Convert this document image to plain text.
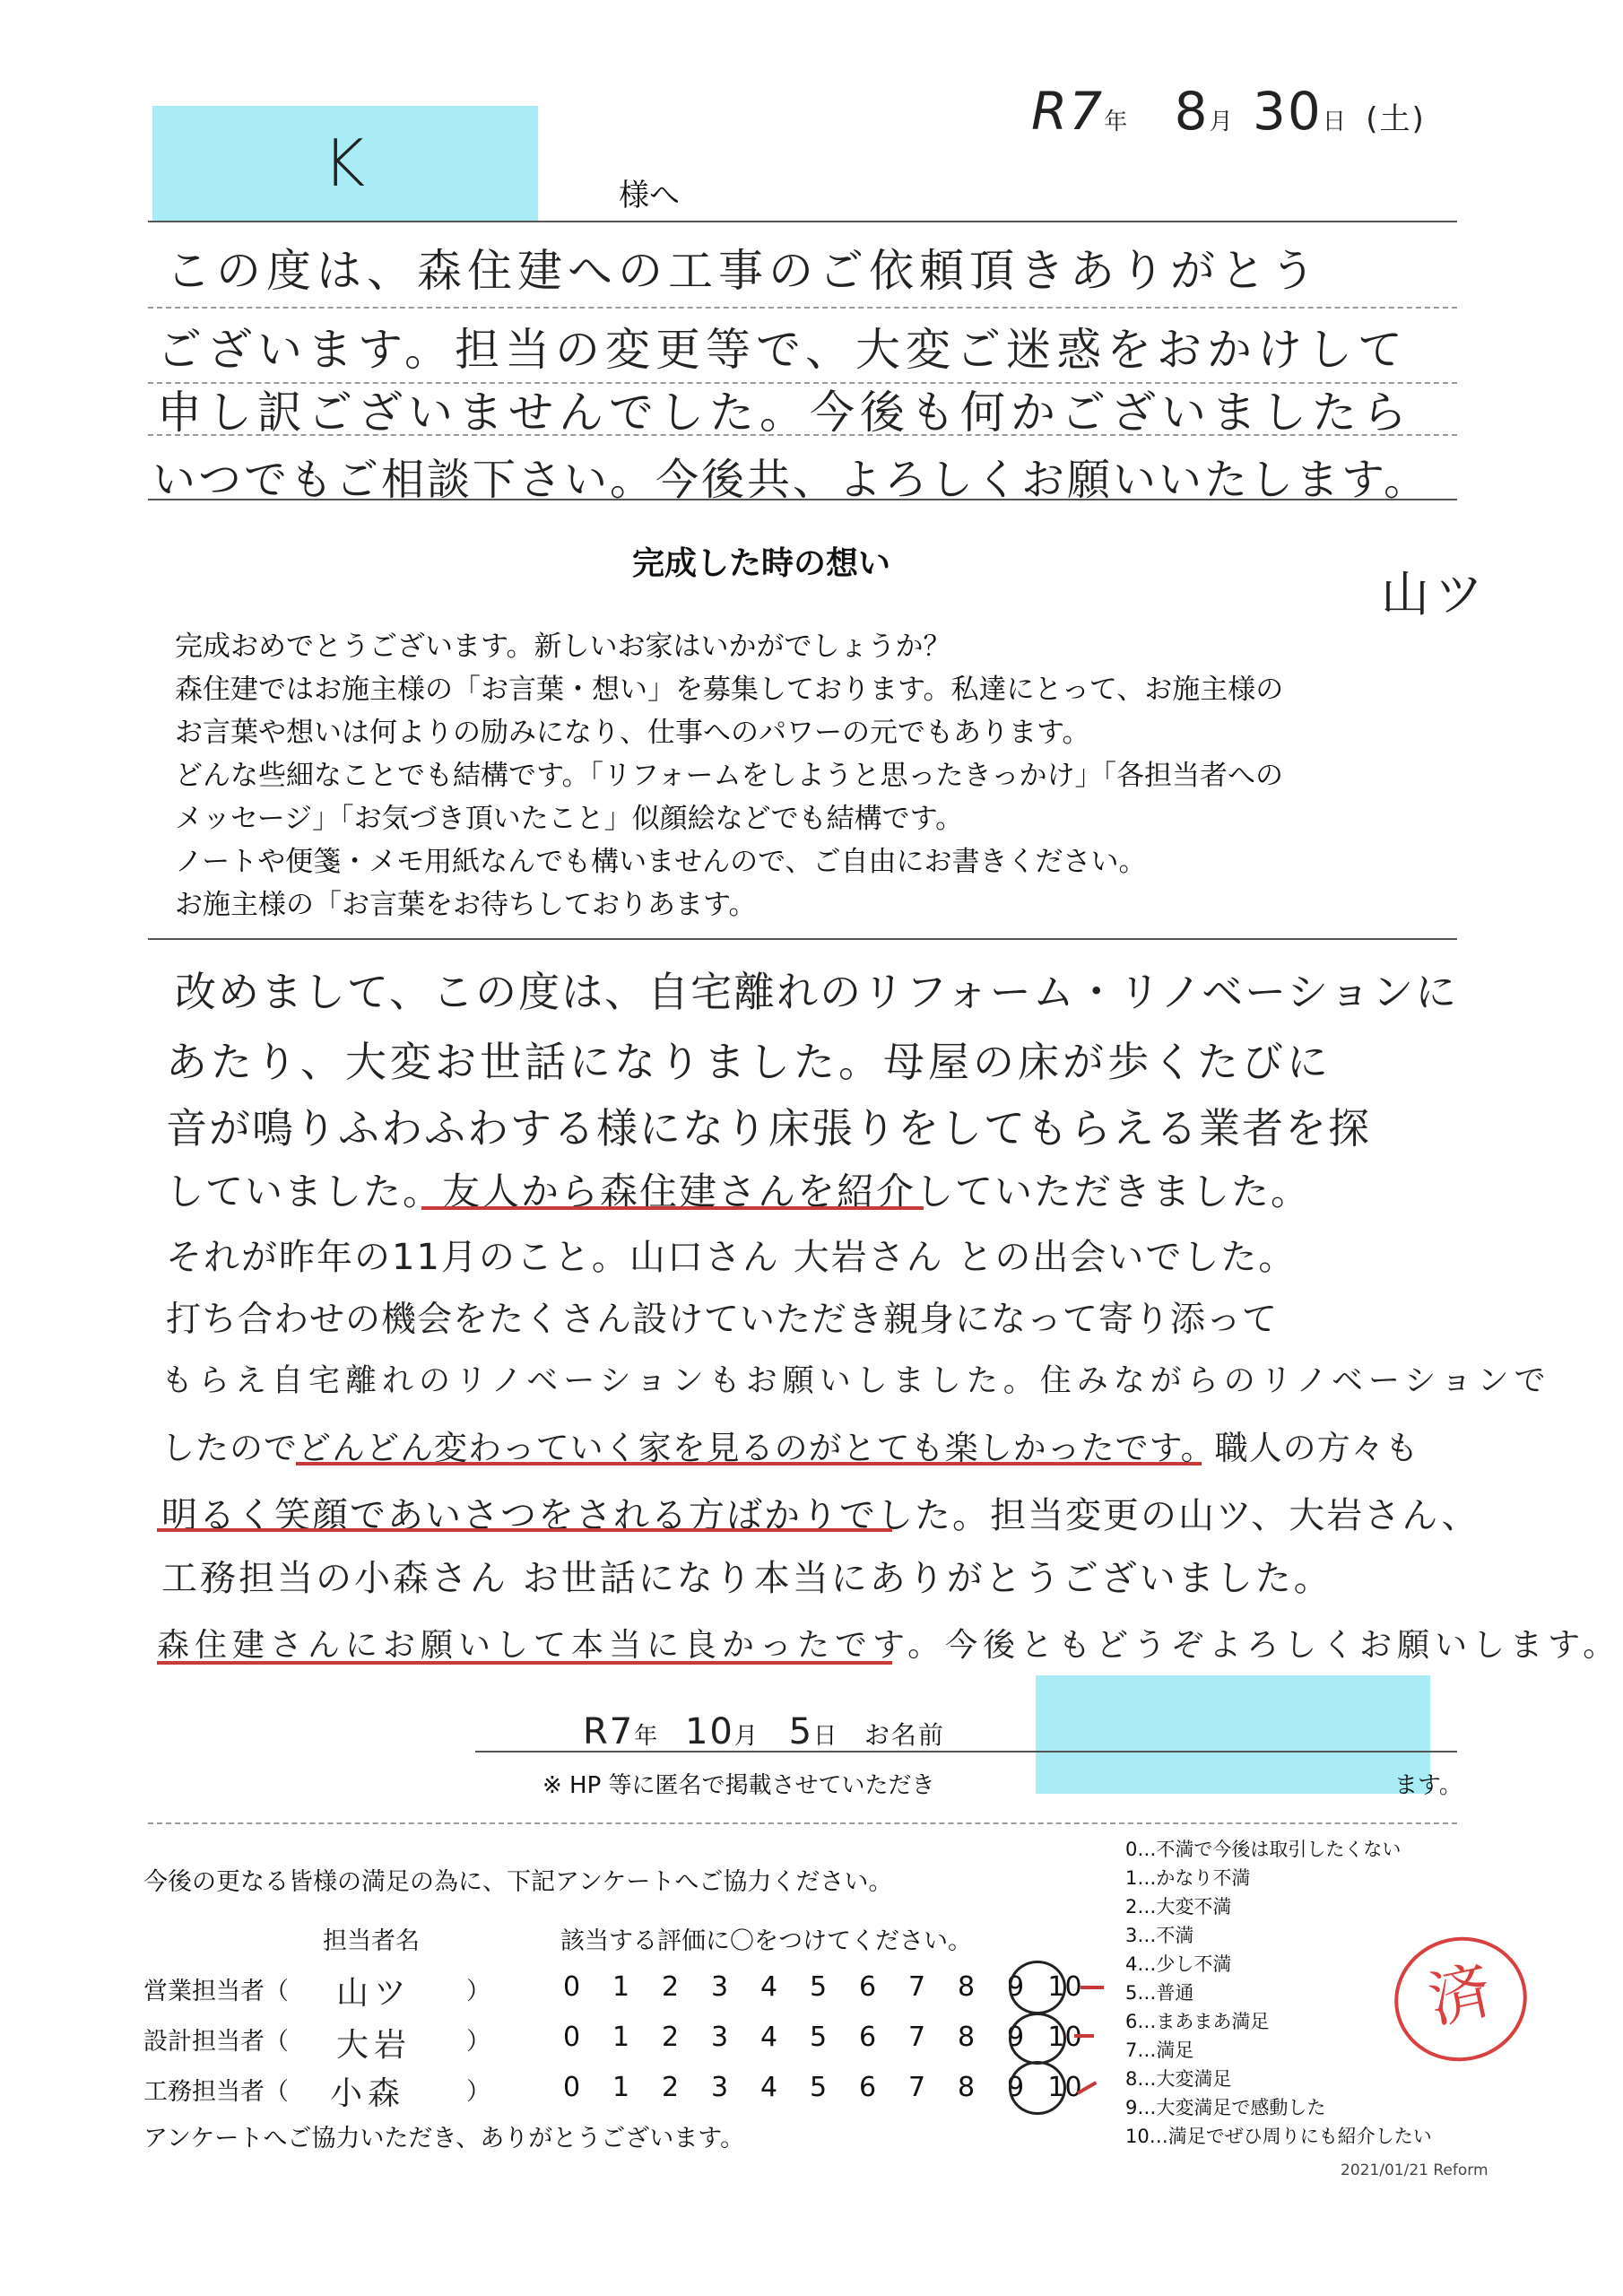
K	様へ
R7年 8月 30日 (土)
この度は、森住建への工事のご依頼頂きありがとう
ございます。担当の変更等で、大変ご迷惑をおかけして
申し訳ございませんでした。今後も何かございましたら
いつでもご相談下さい。今後共、よろしくお願いいたします。
完成した時の想い
山ツ
完成おめでとうございます。新しいお家はいかがでしょうか？
森住建ではお施主様の「お言葉・想い」を募集しております。私達にとって、お施主様の
お言葉や想いは何よりの励みになり、仕事へのパワーの元でもあります。
どんな些細なことでも結構です。「リフォームをしようと思ったきっかけ」「各担当者への
メッセージ」「お気づき頂いたこと」似顔絵などでも結構です。
ノートや便箋・メモ用紙なんでも構いませんので、ご自由にお書きください。
お施主様の「お言葉をお待ちしておりあます。
改めまして、この度は、自宅離れのリフォーム・リノベーションに
あたり、大変お世話になりました。母屋の床が歩くたびに
音が鳴りふわふわする様になり床張りをしてもらえる業者を探
していました。友人から森住建さんを紹介していただきました。
それが昨年の11月のこと。山口さん 大岩さん との出会いでした。
打ち合わせの機会をたくさん設けていただき親身になって寄り添って
もらえ自宅離れのリノベーションもお願いしました。住みながらのリノベーションで
したのでどんどん変わっていく家を見るのがとても楽しかったです。職人の方々も
明るく笑顔であいさつをされる方ばかりでした。担当変更の山ツ、大岩さん、
工務担当の小森さん お世話になり本当にありがとうございました。
森住建さんにお願いして本当に良かったです。今後ともどうぞよろしくお願いします。
R7年 10月 5日 お名前
※ HP 等に匿名で掲載させていただき	ます。
今後の更なる皆様の満足の為に、下記アンケートへご協力ください。
担当者名	該当する評価に〇をつけてください。
営業担当者（ 山ツ ）	0 1 2 3 4 5 6 7 8 9 10
設計担当者（ 大岩 ）	0 1 2 3 4 5 6 7 8 9 10
工務担当者（ 小森	）	0 1 2 3 4 5 6 7 8 9 10
アンケートへご協力いただき、ありがとうございます。
0…不満で今後は取引したくない
1…かなり不満
2…大変不満
3…不満
4…少し不満
5…普通
6…まあまあ満足
7…満足
8…大変満足
9…大変満足で感動した
10…満足でぜひ周りにも紹介したい
済
2021/01/21 Reform
